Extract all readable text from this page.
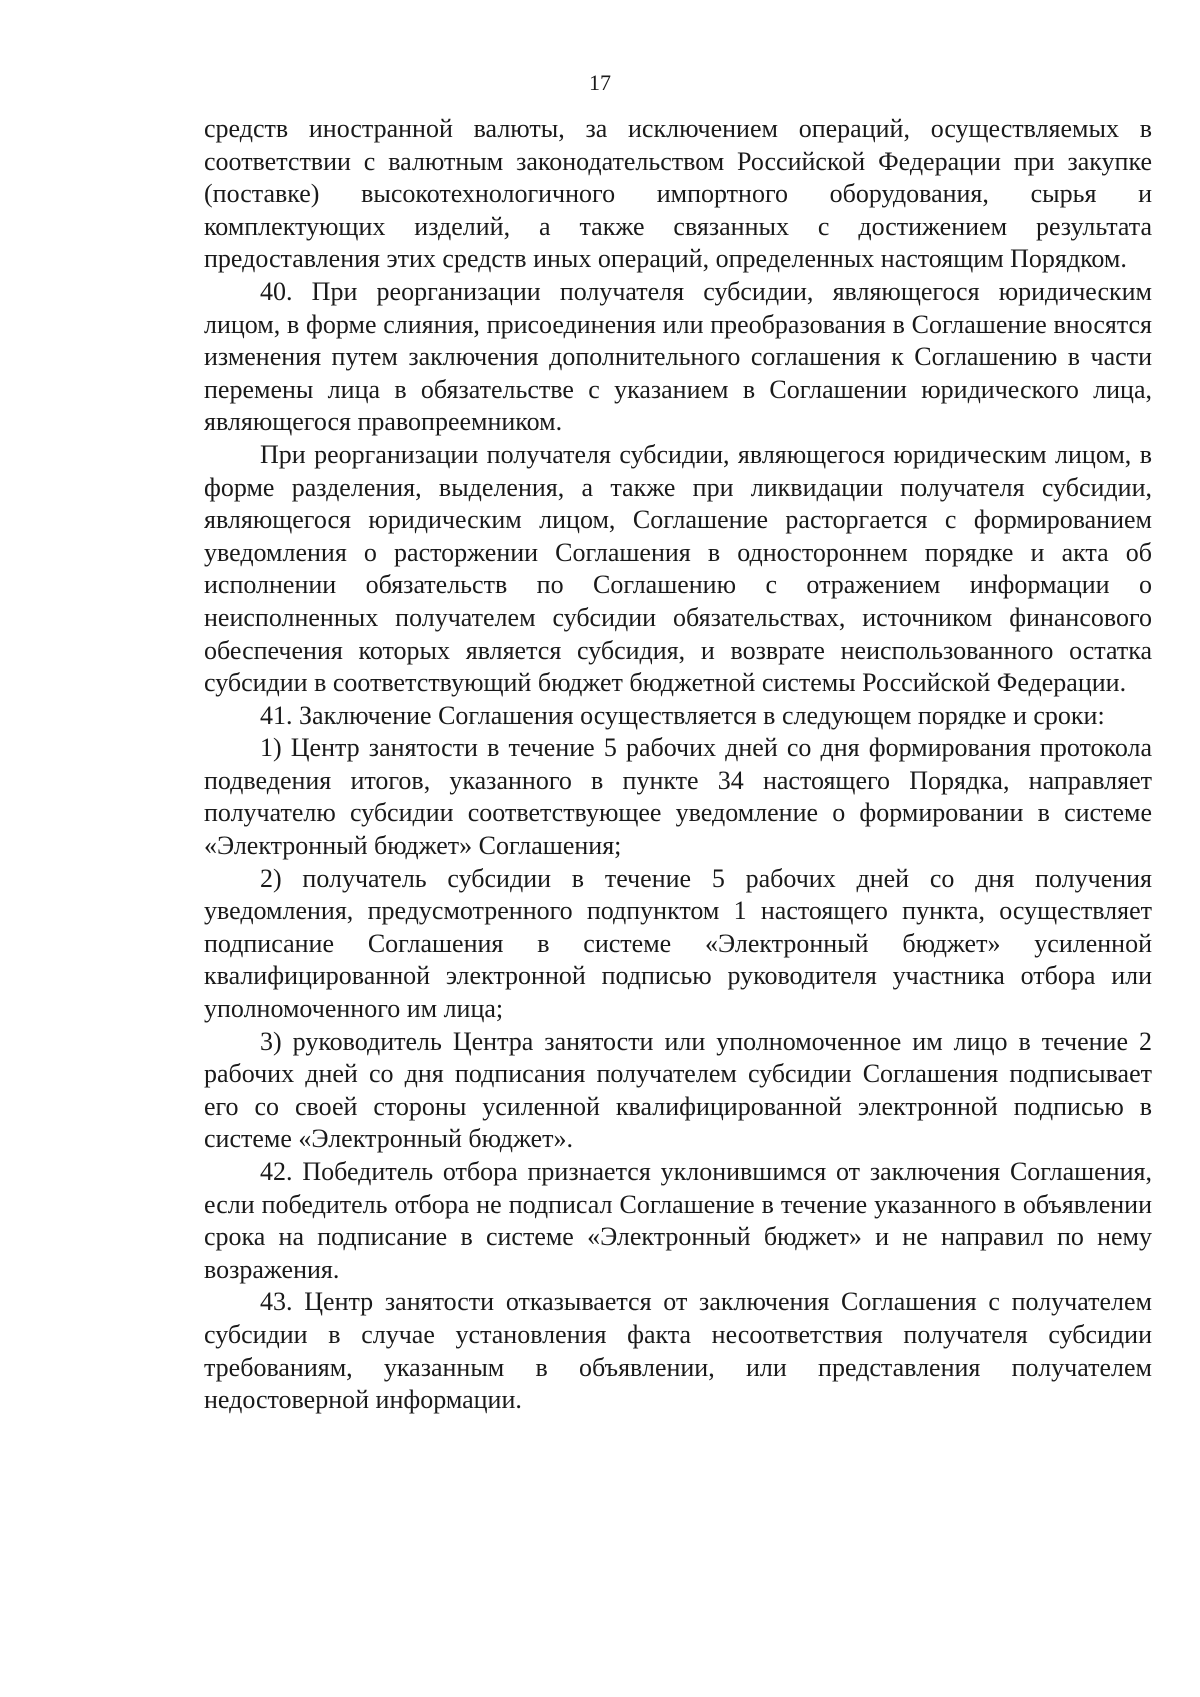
17

средств иностранной валюты, за исключением операций, осуществляемых в соответствии с валютным законодательством Российской Федерации при закупке (поставке) высокотехнологичного импортного оборудования, сырья и комплектующих изделий, а также связанных с достижением результата предоставления этих средств иных операций, определенных настоящим Порядком.

40. При реорганизации получателя субсидии, являющегося юридическим лицом, в форме слияния, присоединения или преобразования в Соглашение вносятся изменения путем заключения дополнительного соглашения к Соглашению в части перемены лица в обязательстве с указанием в Соглашении юридического лица, являющегося правопреемником.

При реорганизации получателя субсидии, являющегося юридическим лицом, в форме разделения, выделения, а также при ликвидации получателя субсидии, являющегося юридическим лицом, Соглашение расторгается с формированием уведомления о расторжении Соглашения в одностороннем порядке и акта об исполнении обязательств по Соглашению с отражением информации о неисполненных получателем субсидии обязательствах, источником финансового обеспечения которых является субсидия, и возврате неиспользованного остатка субсидии в соответствующий бюджет бюджетной системы Российской Федерации.

41. Заключение Соглашения осуществляется в следующем порядке и сроки:

1) Центр занятости в течение 5 рабочих дней со дня формирования протокола подведения итогов, указанного в пункте 34 настоящего Порядка, направляет получателю субсидии соответствующее уведомление о формировании в системе «Электронный бюджет» Соглашения;

2) получатель субсидии в течение 5 рабочих дней со дня получения уведомления, предусмотренного подпунктом 1 настоящего пункта, осуществляет подписание Соглашения в системе «Электронный бюджет» усиленной квалифицированной электронной подписью руководителя участника отбора или уполномоченного им лица;

3) руководитель Центра занятости или уполномоченное им лицо в течение 2 рабочих дней со дня подписания получателем субсидии Соглашения подписывает его со своей стороны усиленной квалифицированной электронной подписью в системе «Электронный бюджет».

42. Победитель отбора признается уклонившимся от заключения Соглашения, если победитель отбора не подписал Соглашение в течение указанного в объявлении срока на подписание в системе «Электронный бюджет» и не направил по нему возражения.

43. Центр занятости отказывается от заключения Соглашения с получателем субсидии в случае установления факта несоответствия получателя субсидии требованиям, указанным в объявлении, или представления получателем недостоверной информации.
